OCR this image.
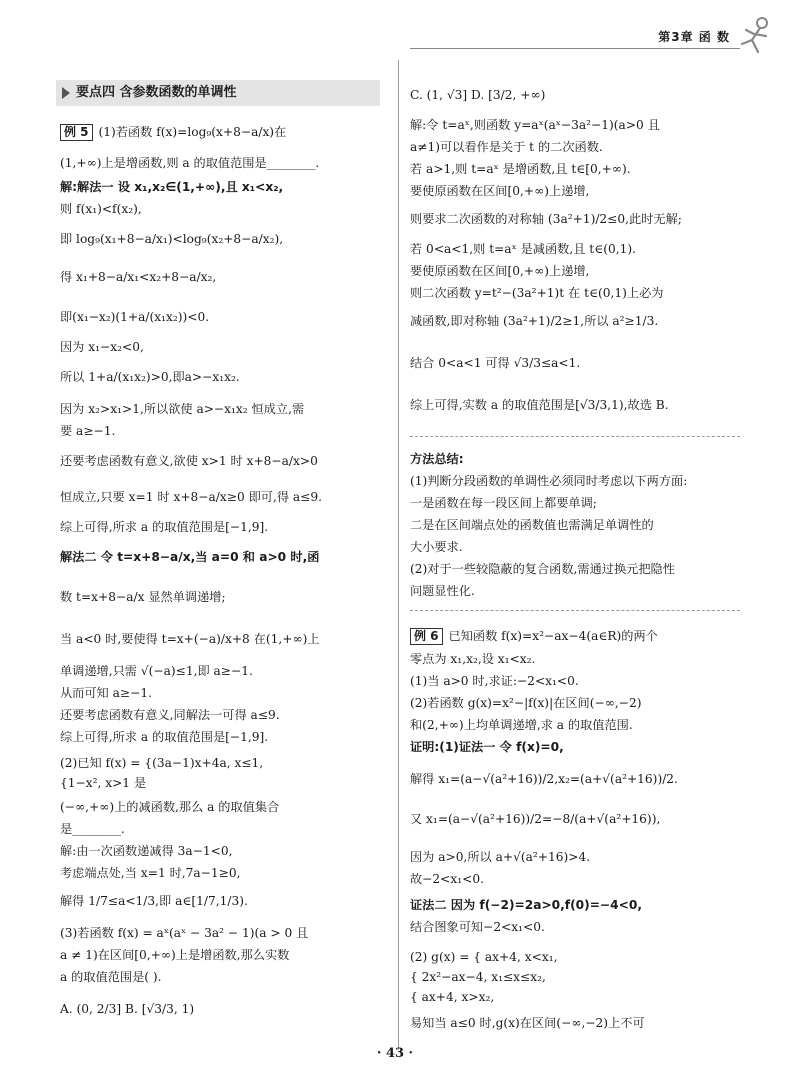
第3章 函 数
要点四 含参数函数的单调性
例 5 (1)若函数 f(x)=log₉(x+8−a/x)在
(1,+∞)上是增函数,则 a 的取值范围是________.
解:解法一 设 x₁,x₂∈(1,+∞),且 x₁<x₂,
则 f(x₁)<f(x₂),
即 log₉(x₁+8−a/x₁)<log₉(x₂+8−a/x₂),
得 x₁+8−a/x₁<x₂+8−a/x₂,
即(x₁−x₂)(1+a/(x₁x₂))<0.
因为 x₁−x₂<0,
所以 1+a/(x₁x₂)>0,即a>−x₁x₂.
因为 x₂>x₁>1,所以欲使 a>−x₁x₂ 恒成立,需
要 a≥−1.
还要考虑函数有意义,欲使 x>1 时 x+8−a/x>0
恒成立,只要 x=1 时 x+8−a/x≥0 即可,得 a≤9.
综上可得,所求 a 的取值范围是[−1,9].
解法二 令 t=x+8−a/x,当 a=0 和 a>0 时,函
数 t=x+8−a/x 显然单调递增;
当 a<0 时,要使得 t=x+(−a)/x+8 在(1,+∞)上
单调递增,只需 √(−a)≤1,即 a≥−1.
从而可知 a≥−1.
还要考虑函数有意义,同解法一可得 a≤9.
综上可得,所求 a 的取值范围是[−1,9].
(2)已知 f(x) = {(3a−1)x+4a, x≤1,
{1−x², x>1 是
(−∞,+∞)上的减函数,那么 a 的取值集合
是________.
解:由一次函数递减得 3a−1<0,
考虑端点处,当 x=1 时,7a−1≥0,
解得 1/7≤a<1/3,即 a∈[1/7,1/3).
(3)若函数 f(x) = aˣ(aˣ − 3a² − 1)(a > 0 且
a ≠ 1)在区间[0,+∞)上是增函数,那么实数
a 的取值范围是( ).
A. (0, 2/3] B. [√3/3, 1)
C. (1, √3] D. [3/2, +∞)
解:令 t=aˣ,则函数 y=aˣ(aˣ−3a²−1)(a>0 且
a≠1)可以看作是关于 t 的二次函数.
若 a>1,则 t=aˣ 是增函数,且 t∈[0,+∞).
要使原函数在区间[0,+∞)上递增,
则要求二次函数的对称轴 (3a²+1)/2≤0,此时无解;
若 0<a<1,则 t=aˣ 是减函数,且 t∈(0,1).
要使原函数在区间[0,+∞)上递增,
则二次函数 y=t²−(3a²+1)t 在 t∈(0,1)上必为
减函数,即对称轴 (3a²+1)/2≥1,所以 a²≥1/3.
结合 0<a<1 可得 √3/3≤a<1.
综上可得,实数 a 的取值范围是[√3/3,1),故选 B.
方法总结:
(1)判断分段函数的单调性必须同时考虑以下两方面:
一是函数在每一段区间上都要单调;
二是在区间端点处的函数值也需满足单调性的
大小要求.
(2)对于一些较隐蔽的复合函数,需通过换元把隐性
问题显性化.
例 6 已知函数 f(x)=x²−ax−4(a∈R)的两个
零点为 x₁,x₂,设 x₁<x₂.
(1)当 a>0 时,求证:−2<x₁<0.
(2)若函数 g(x)=x²−|f(x)|在区间(−∞,−2)
和(2,+∞)上均单调递增,求 a 的取值范围.
证明:(1)证法一 令 f(x)=0,
解得 x₁=(a−√(a²+16))/2,x₂=(a+√(a²+16))/2.
又 x₁=(a−√(a²+16))/2=−8/(a+√(a²+16)),
因为 a>0,所以 a+√(a²+16)>4.
故−2<x₁<0.
证法二 因为 f(−2)=2a>0,f(0)=−4<0,
结合图象可知−2<x₁<0.
(2) g(x) = { ax+4, x<x₁,
{ 2x²−ax−4, x₁≤x≤x₂,
{ ax+4, x>x₂,
易知当 a≤0 时,g(x)在区间(−∞,−2)上不可
· 43 ·
